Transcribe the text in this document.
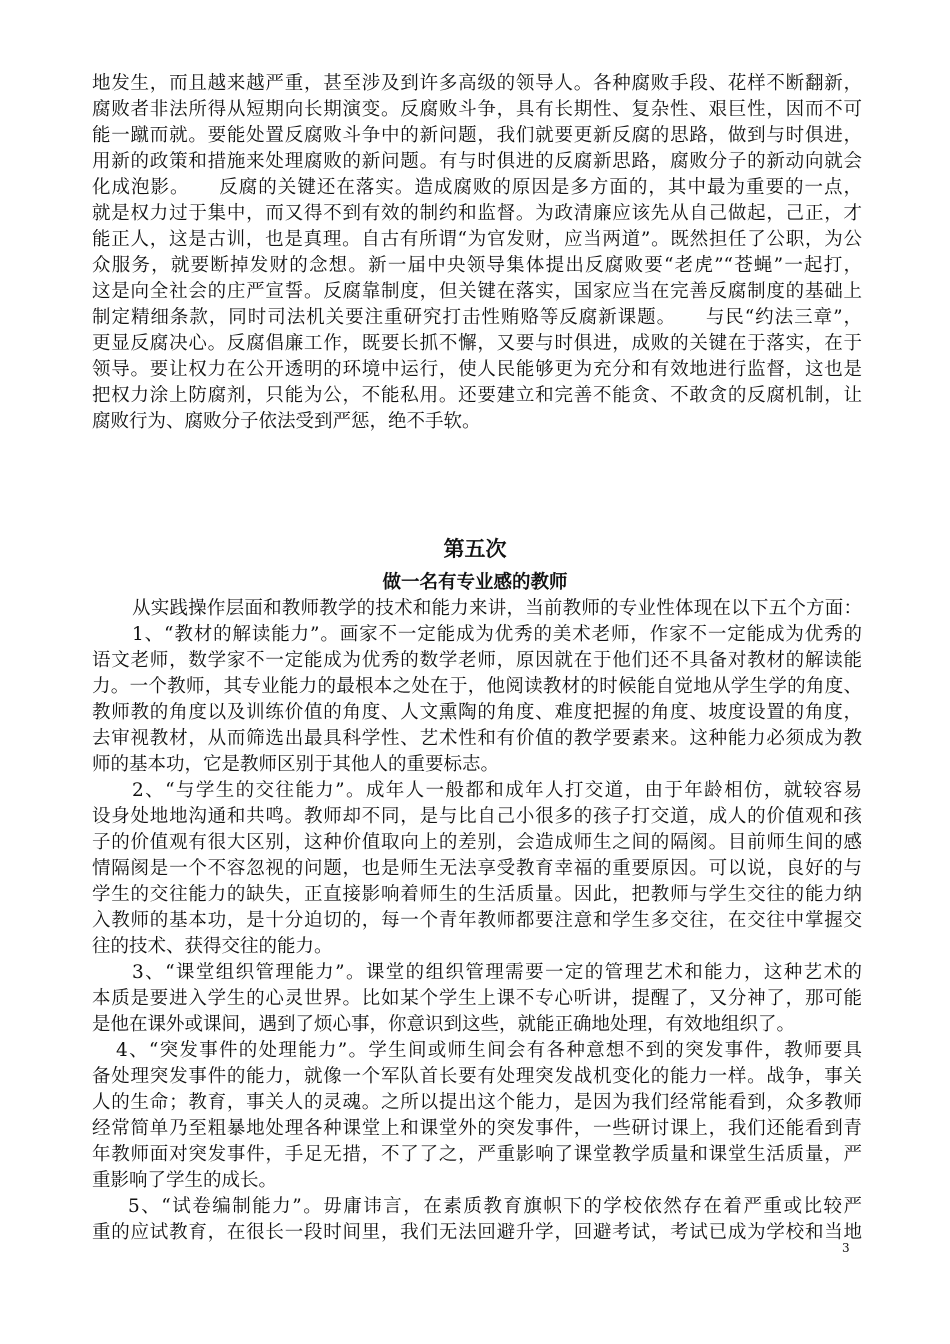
地发生，而且越来越严重，甚至涉及到许多高级的领导人。各种腐败手段、花样不断翻新，
腐败者非法所得从短期向长期演变。反腐败斗争，具有长期性、复杂性、艰巨性，因而不可
能一蹴而就。要能处置反腐败斗争中的新问题，我们就要更新反腐的思路，做到与时俱进，
用新的政策和措施来处理腐败的新问题。有与时俱进的反腐新思路，腐败分子的新动向就会
化成泡影。　　反腐的关键还在落实。造成腐败的原因是多方面的，其中最为重要的一点，
就是权力过于集中，而又得不到有效的制约和监督。为政清廉应该先从自己做起，己正，才
能正人，这是古训，也是真理。自古有所谓“为官发财，应当两道”。既然担任了公职，为公
众服务，就要断掉发财的念想。新一届中央领导集体提出反腐败要“老虎”“苍蝇”一起打，
这是向全社会的庄严宣誓。反腐靠制度，但关键在落实，国家应当在完善反腐制度的基础上
制定精细条款，同时司法机关要注重研究打击性贿赂等反腐新课题。　　与民“约法三章”，
更显反腐决心。反腐倡廉工作，既要长抓不懈，又要与时俱进，成败的关键在于落实，在于
领导。要让权力在公开透明的环境中运行，使人民能够更为充分和有效地进行监督，这也是
把权力涂上防腐剂，只能为公，不能私用。还要建立和完善不能贪、不敢贪的反腐机制，让
腐败行为、腐败分子依法受到严惩，绝不手软。
第五次
做一名有专业感的教师
从实践操作层面和教师教学的技术和能力来讲，当前教师的专业性体现在以下五个方面：
1、“教材的解读能力”。画家不一定能成为优秀的美术老师，作家不一定能成为优秀的
语文老师，数学家不一定能成为优秀的数学老师，原因就在于他们还不具备对教材的解读能
力。一个教师，其专业能力的最根本之处在于，他阅读教材的时候能自觉地从学生学的角度、
教师教的角度以及训练价值的角度、人文熏陶的角度、难度把握的角度、坡度设置的角度，
去审视教材，从而筛选出最具科学性、艺术性和有价值的教学要素来。这种能力必须成为教
师的基本功，它是教师区别于其他人的重要标志。
2、“与学生的交往能力”。成年人一般都和成年人打交道，由于年龄相仿，就较容易
设身处地地沟通和共鸣。教师却不同，是与比自己小很多的孩子打交道，成人的价值观和孩
子的价值观有很大区别，这种价值取向上的差别，会造成师生之间的隔阂。目前师生间的感
情隔阂是一个不容忽视的问题，也是师生无法享受教育幸福的重要原因。可以说，良好的与
学生的交往能力的缺失，正直接影响着师生的生活质量。因此，把教师与学生交往的能力纳
入教师的基本功，是十分迫切的，每一个青年教师都要注意和学生多交往，在交往中掌握交
往的技术、获得交往的能力。
3、“课堂组织管理能力”。课堂的组织管理需要一定的管理艺术和能力，这种艺术的
本质是要进入学生的心灵世界。比如某个学生上课不专心听讲，提醒了，又分神了，那可能
是他在课外或课间，遇到了烦心事，你意识到这些，就能正确地处理，有效地组织了。
4、“突发事件的处理能力”。学生间或师生间会有各种意想不到的突发事件，教师要具
备处理突发事件的能力，就像一个军队首长要有处理突发战机变化的能力一样。战争，事关
人的生命；教育，事关人的灵魂。之所以提出这个能力，是因为我们经常能看到，众多教师
经常简单乃至粗暴地处理各种课堂上和课堂外的突发事件，一些研讨课上，我们还能看到青
年教师面对突发事件，手足无措，不了了之，严重影响了课堂教学质量和课堂生活质量，严
重影响了学生的成长。
5、“试卷编制能力”。毋庸讳言，在素质教育旗帜下的学校依然存在着严重或比较严
重的应试教育，在很长一段时间里，我们无法回避升学，回避考试，考试已成为学校和当地
3
